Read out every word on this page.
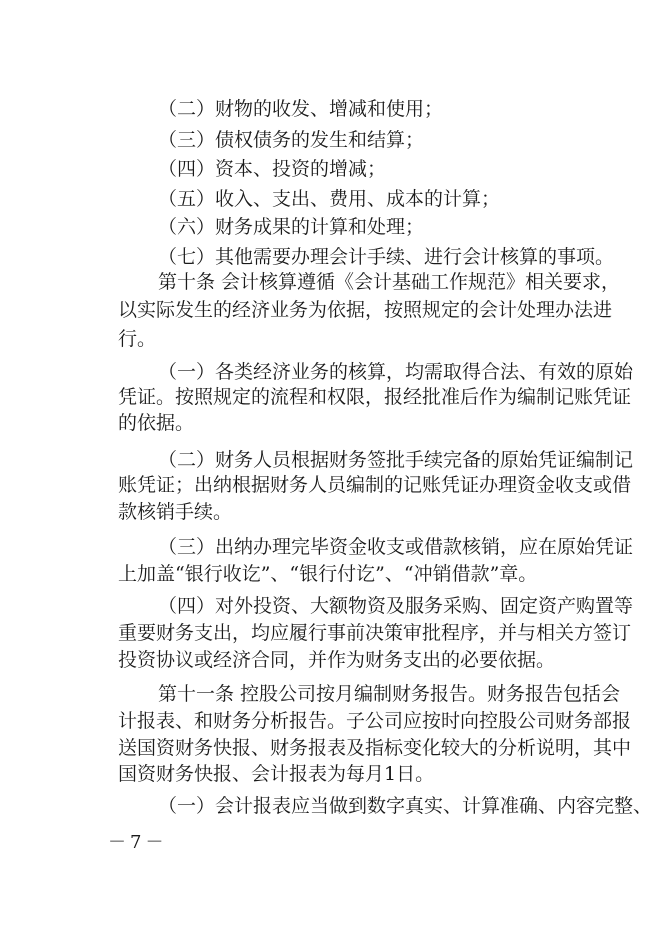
（二）财物的收发、增减和使用；
（三）债权债务的发生和结算；
（四）资本、投资的增减；
（五）收入、支出、费用、成本的计算；
（六）财务成果的计算和处理；
（七）其他需要办理会计手续、进行会计核算的事项。
第十条 会计核算遵循《会计基础工作规范》相关要求，
以实际发生的经济业务为依据，按照规定的会计处理办法进
行。
（一）各类经济业务的核算，均需取得合法、有效的原始
凭证。按照规定的流程和权限，报经批准后作为编制记账凭证
的依据。
（二）财务人员根据财务签批手续完备的原始凭证编制记
账凭证；出纳根据财务人员编制的记账凭证办理资金收支或借
款核销手续。
（三）出纳办理完毕资金收支或借款核销，应在原始凭证
上加盖“银行收讫”、“银行付讫”、“冲销借款”章。
（四）对外投资、大额物资及服务采购、固定资产购置等
重要财务支出，均应履行事前决策审批程序，并与相关方签订
投资协议或经济合同，并作为财务支出的必要依据。
第十一条 控股公司按月编制财务报告。财务报告包括会
计报表、和财务分析报告。子公司应按时向控股公司财务部报
送国资财务快报、财务报表及指标变化较大的分析说明，其中
国资财务快报、会计报表为每月1日。
（一）会计报表应当做到数字真实、计算准确、内容完整、
－7－
